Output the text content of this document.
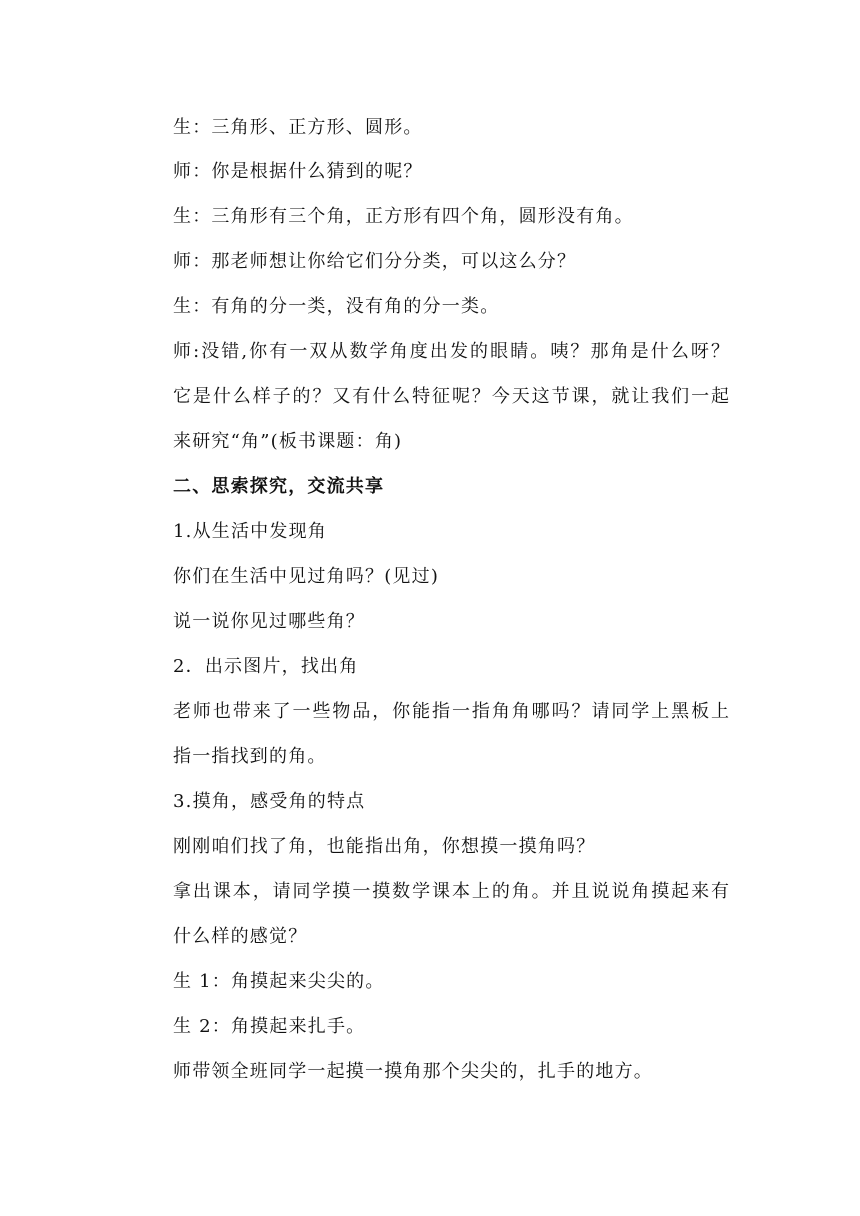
生：三角形、正方形、圆形。
师：你是根据什么猜到的呢？
生：三角形有三个角，正方形有四个角，圆形没有角。
师：那老师想让你给它们分分类，可以这么分？
生：有角的分一类，没有角的分一类。
师:没错,你有一双从数学角度出发的眼睛。咦？那角是什么呀？
它是什么样子的？又有什么特征呢？今天这节课，就让我们一起
来研究“角”(板书课题：角)
二、思索探究，交流共享
1.从生活中发现角
你们在生活中见过角吗？(见过)
说一说你见过哪些角？
2．出示图片，找出角
老师也带来了一些物品，你能指一指角角哪吗？请同学上黑板上
指一指找到的角。
3.摸角，感受角的特点
刚刚咱们找了角，也能指出角，你想摸一摸角吗？
拿出课本，请同学摸一摸数学课本上的角。并且说说角摸起来有
什么样的感觉？
生 1：角摸起来尖尖的。
生 2：角摸起来扎手。
师带领全班同学一起摸一摸角那个尖尖的，扎手的地方。
